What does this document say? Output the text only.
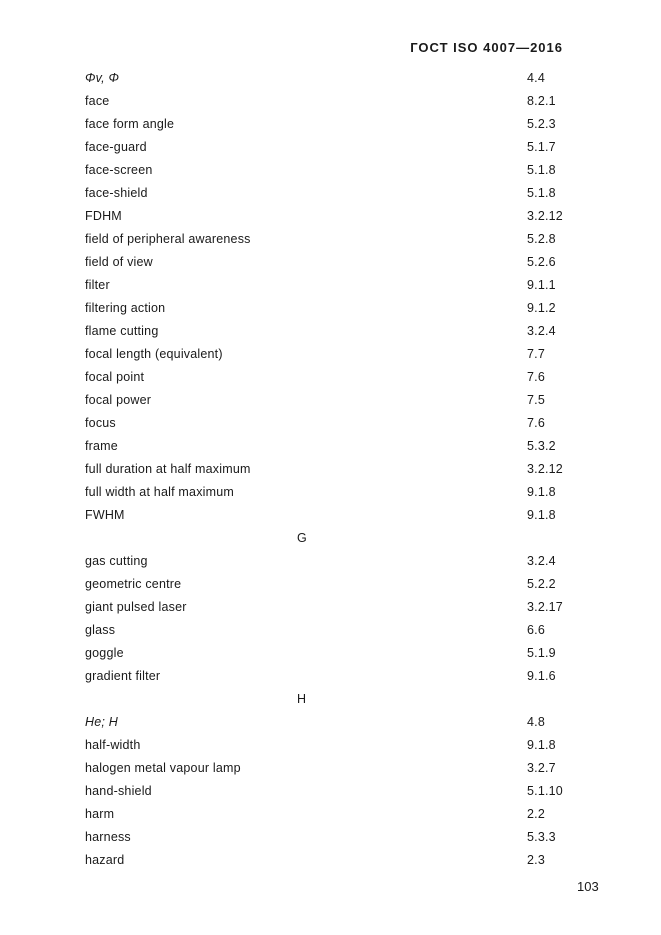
ГОСТ ISO 4007—2016
Φv, Φ	4.4
face	8.2.1
face form angle	5.2.3
face-guard	5.1.7
face-screen	5.1.8
face-shield	5.1.8
FDHM	3.2.12
field of peripheral awareness	5.2.8
field of view	5.2.6
filter	9.1.1
filtering action	9.1.2
flame cutting	3.2.4
focal length (equivalent)	7.7
focal point	7.6
focal power	7.5
focus	7.6
frame	5.3.2
full duration at half maximum	3.2.12
full width at half maximum	9.1.8
FWHM	9.1.8
G
gas cutting	3.2.4
geometric centre	5.2.2
giant pulsed laser	3.2.17
glass	6.6
goggle	5.1.9
gradient filter	9.1.6
H
He; H	4.8
half-width	9.1.8
halogen metal vapour lamp	3.2.7
hand-shield	5.1.10
harm	2.2
harness	5.3.3
hazard	2.3
103
